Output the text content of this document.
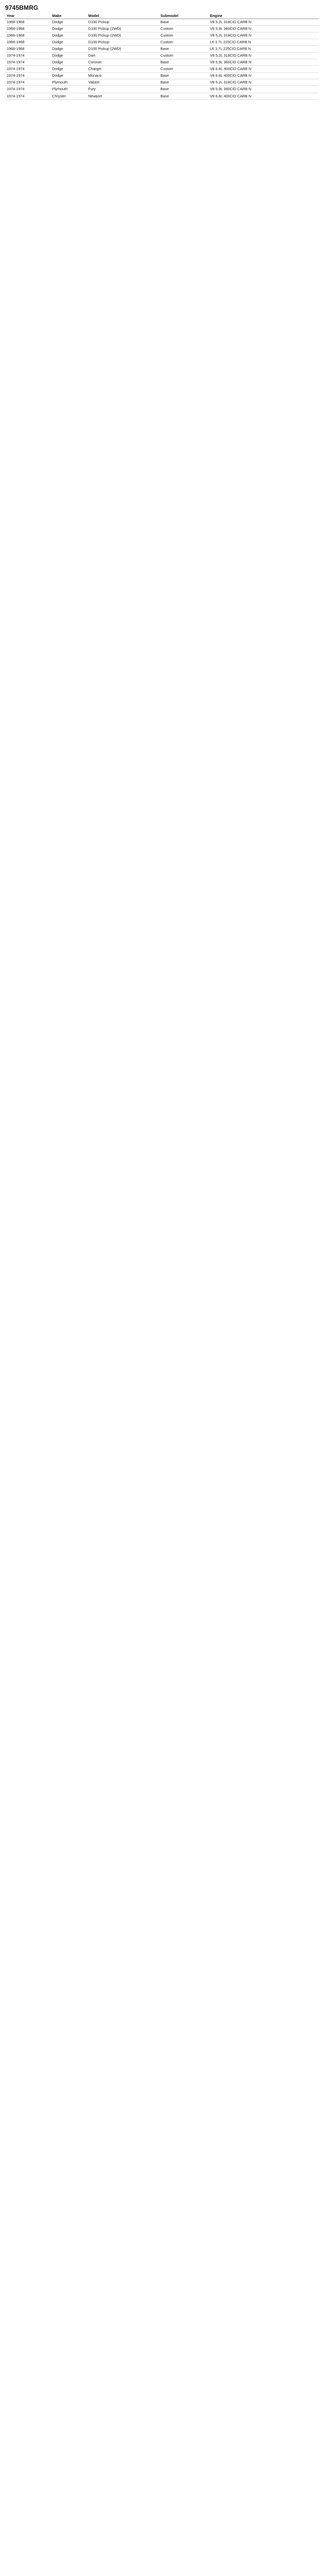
9745BMRG
Year	Make	Model	Submodel	Engine
1968-1968	Dodge	D100 Pickup	Base	V8 5.2L 318CID CARB N
1968-1968	Dodge	D100 Pickup (2WD)	Custom	V8 5.9L 360CID CARB N
1968-1968	Dodge	D100 Pickup (2WD)	Custom	V8 5.2L 318CID CARB N
1968-1968	Dodge	D100 Pickup	Custom	L6 3.7L 225CID CARB N
1968-1968	Dodge	D100 Pickup (2WD)	Base	L6 3.7L 225CID CARB N
1974-1974	Dodge	Dart	Custom	V8 5.2L 318CID CARB N
1974-1974	Dodge	Coronet	Base	V8 5.9L 360CID CARB N
1974-1974	Dodge	Charger	Custom	V8 6.6L 400CID CARB N
1974-1974	Dodge	Monaco	Base	V8 6.6L 400CID CARB N
1974-1974	Plymouth	Valiant	Base	V8 5.2L 318CID CARB N
1974-1974	Plymouth	Fury	Base	V8 5.9L 360CID CARB N
1974-1974	Chrysler	Newport	Base	V8 6.6L 400CID CARB N
